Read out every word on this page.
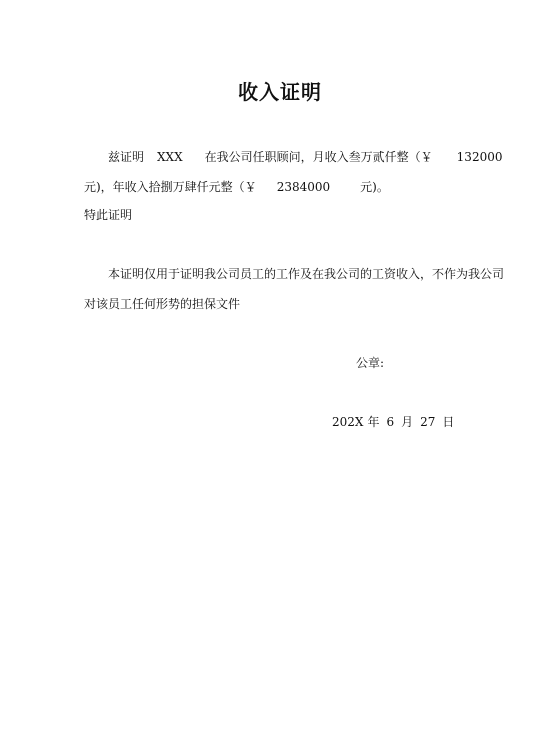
收入证明
兹证明 XXX 在我公司任职顾问，月收入叁万贰仟整（￥ 132000
元)，年收入拾捌万肆仟元整（￥ 2384000	元)。
特此证明
本证明仅用于证明我公司员工的工作及在我公司的工资收入，不作为我公司
对该员工任何形势的担保文件
公章:
202X 年 6 月 27 日
